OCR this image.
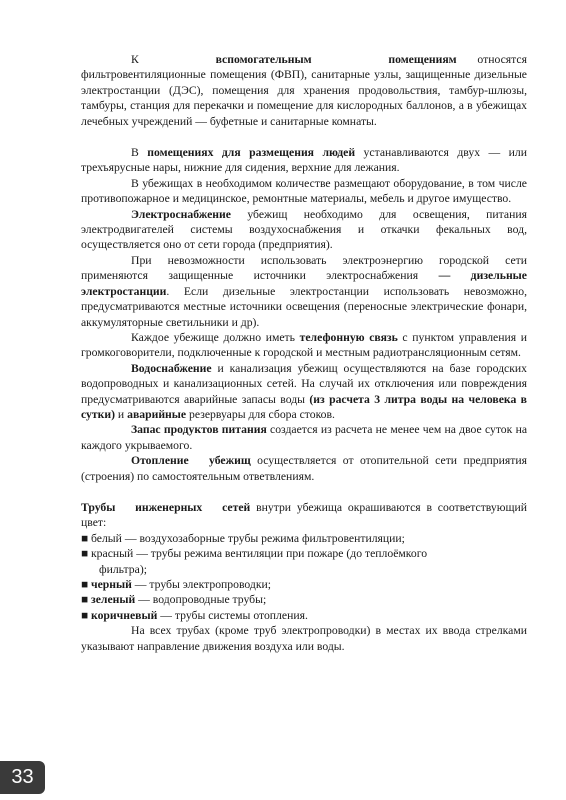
К	вспомогательным помещениям относятся фильтровентиляционные помещения (ФВП), санитарные узлы, защищенные дизельные электростанции (ДЭС), помещения для хранения продовольствия, тамбур-шлюзы, тамбуры, станция для перекачки и помещение для кислородных баллонов, а в убежищах лечебных учреждений — буфетные и санитарные комнаты.

В помещениях для размещения людей устанавливаются двух — или трехъярусные нары, нижние для сидения, верхние для лежания.

В убежищах в необходимом количестве размещают оборудование, в том числе противопожарное и медицинское, ремонтные материалы, мебель и другое имущество.

Электроснабжение убежищ необходимо для освещения, питания электродвигателей системы воздухоснабжения и откачки фекальных вод, осуществляется оно от сети города (предприятия).

При невозможности использовать электроэнергию городской сети применяются защищенные источники электроснабжения — дизельные электростанции. Если дизельные электростанции использовать невозможно, предусматриваются местные источники освещения (переносные электрические фонари, аккумуляторные светильники и др).

Каждое убежище должно иметь телефонную связь с пунктом управления и громкоговорители, подключенные к городской и местным радиотрансляционным сетям.

Водоснабжение и канализация убежищ осуществляются на базе городских водопроводных и канализационных сетей. На случай их отключения или повреждения предусматриваются аварийные запасы воды (из расчета 3 литра воды на человека в сутки) и аварийные резервуары для сбора стоков.

Запас продуктов питания создается из расчета не менее чем на двое суток на каждого укрываемого.

Отопление убежищ осуществляется от отопительной сети предприятия (строения) по самостоятельным ответвлениям.

Трубы инженерных сетей внутри убежища окрашиваются в соответствующий цвет:

■ белый — воздухозаборные трубы режима фильтровентиляции;
■ красный — трубы режима вентиляции при пожаре (до теплоёмкого
фильтра);
■ черный — трубы электропроводки;
■ зеленый — водопроводные трубы;
■ коричневый — трубы системы отопления.

На всех трубах (кроме труб электропроводки) в местах их ввода стрелками указывают направление движения воздуха или воды.

33
